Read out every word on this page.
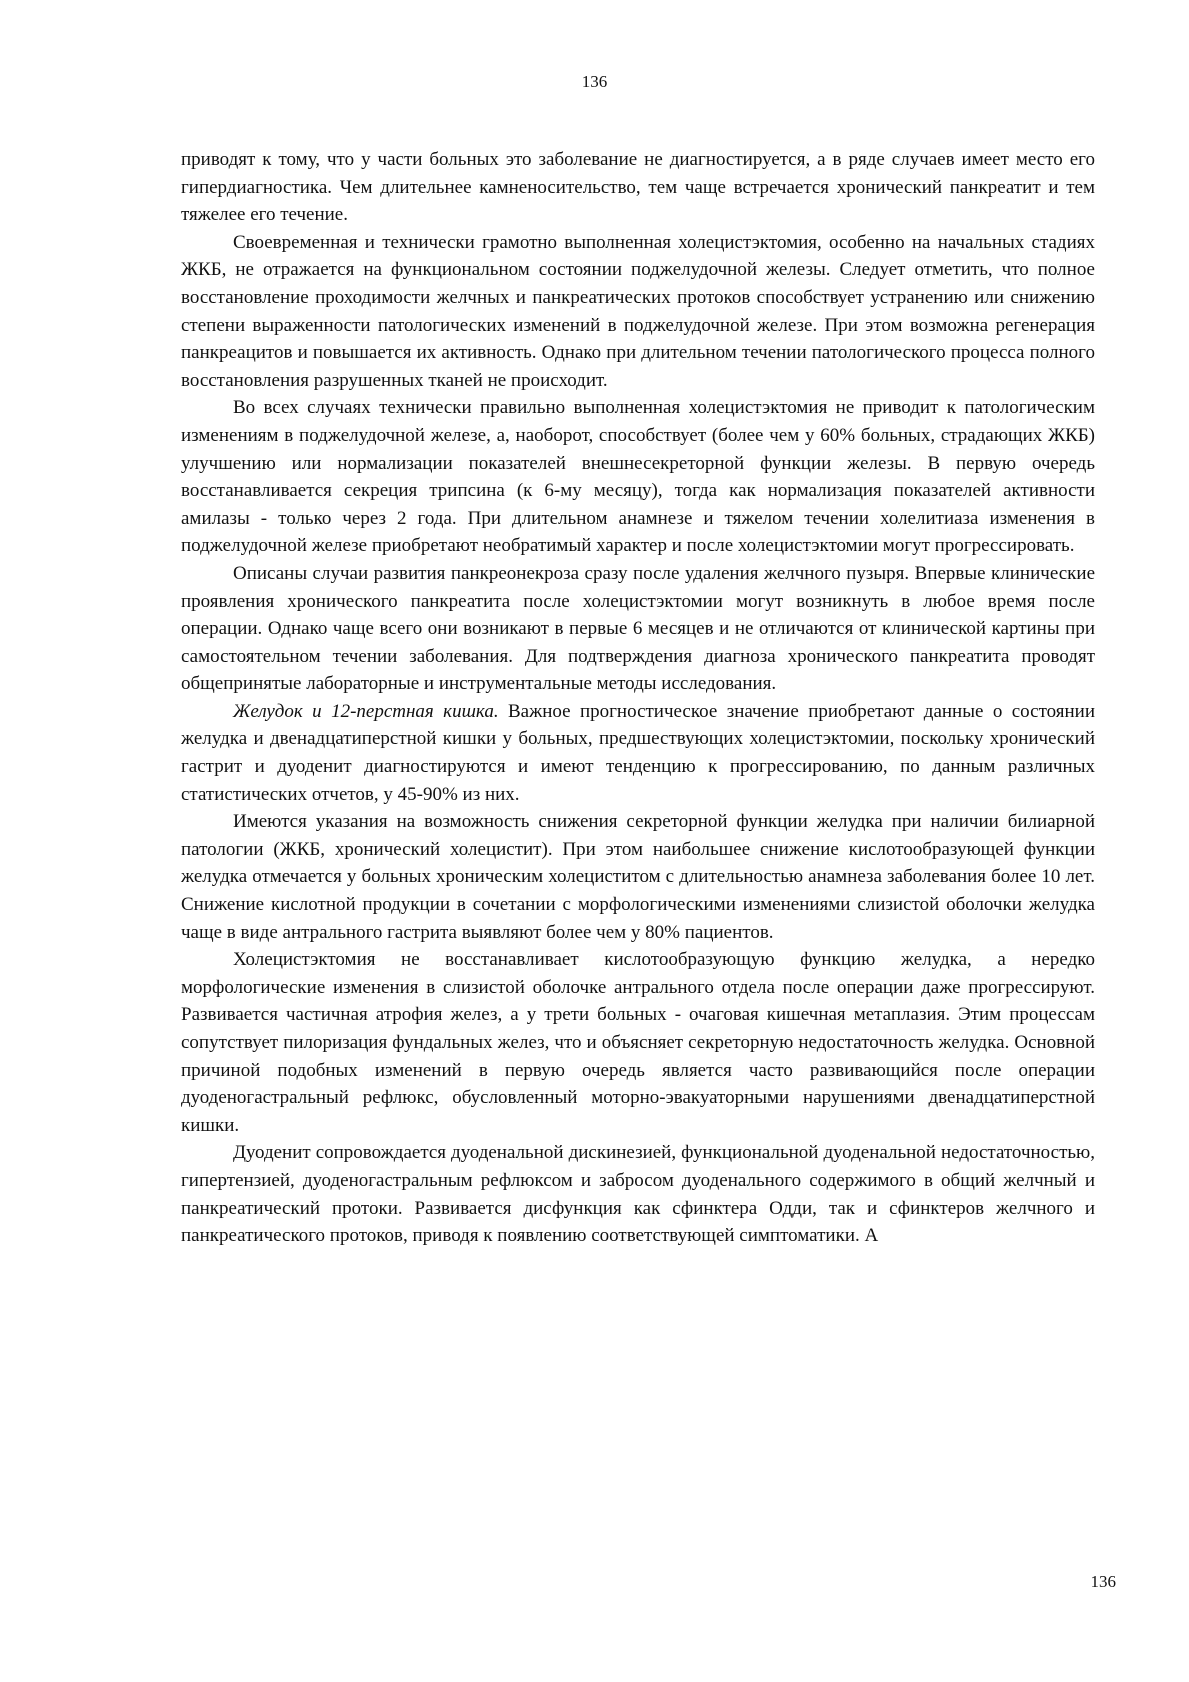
136

приводят к тому, что у части больных это заболевание не диагностируется, а в ряде случаев имеет место его гипердиагностика. Чем длительнее камненосительство, тем чаще встречается хронический панкреатит и тем тяжелее его течение.

Своевременная и технически грамотно выполненная холецистэктомия, особенно на начальных стадиях ЖКБ, не отражается на функциональном состоянии поджелудочной железы. Следует отметить, что полное восстановление проходимости желчных и панкреатических протоков способствует устранению или снижению степени выраженности патологических изменений в поджелудочной железе. При этом возможна регенерация панкреацитов и повышается их активность. Однако при длительном течении патологического процесса полного восстановления разрушенных тканей не происходит.

Во всех случаях технически правильно выполненная холецистэктомия не приводит к патологическим изменениям в поджелудочной железе, а, наоборот, способствует (более чем у 60% больных, страдающих ЖКБ) улучшению или нормализации показателей внешнесекреторной функции железы. В первую очередь восстанавливается секреция трипсина (к 6-му месяцу), тогда как нормализация показателей активности амилазы - только через 2 года. При длительном анамнезе и тяжелом течении холелитиаза изменения в поджелудочной железе приобретают необратимый характер и после холецистэктомии могут прогрессировать.

Описаны случаи развития панкреонекроза сразу после удаления желчного пузыря. Впервые клинические проявления хронического панкреатита после холецистэктомии могут возникнуть в любое время после операции. Однако чаще всего они возникают в первые 6 месяцев и не отличаются от клинической картины при самостоятельном течении заболевания. Для подтверждения диагноза хронического панкреатита проводят общепринятые лабораторные и инструментальные методы исследования.

Желудок и 12-перстная кишка. Важное прогностическое значение приобретают данные о состоянии желудка и двенадцатиперстной кишки у больных, предшествующих холецистэктомии, поскольку хронический гастрит и дуоденит диагностируются и имеют тенденцию к прогрессированию, по данным различных статистических отчетов, у 45-90% из них.

Имеются указания на возможность снижения секреторной функции желудка при наличии билиарной патологии (ЖКБ, хронический холецистит). При этом наибольшее снижение кислотообразующей функции желудка отмечается у больных хроническим холециститом с длительностью анамнеза заболевания более 10 лет. Снижение кислотной продукции в сочетании с морфологическими изменениями слизистой оболочки желудка чаще в виде антрального гастрита выявляют более чем у 80% пациентов.

Холецистэктомия не восстанавливает кислотообразующую функцию желудка, а нередко морфологические изменения в слизистой оболочке антрального отдела после операции даже прогрессируют. Развивается частичная атрофия желез, а у трети больных - очаговая кишечная метаплазия. Этим процессам сопутствует пилоризация фундальных желез, что и объясняет секреторную недостаточность желудка. Основной причиной подобных изменений в первую очередь является часто развивающийся после операции дуоденогастральный рефлюкс, обусловленный моторно-эвакуаторными нарушениями двенадцатиперстной кишки.

Дуоденит сопровождается дуоденальной дискинезией, функциональной дуоденальной недостаточностью, гипертензией, дуоденогастральным рефлюксом и забросом дуоденального содержимого в общий желчный и панкреатический протоки. Развивается дисфункция как сфинктера Одди, так и сфинктеров желчного и панкреатического протоков, приводя к появлению соответствующей симптоматики. А

136
